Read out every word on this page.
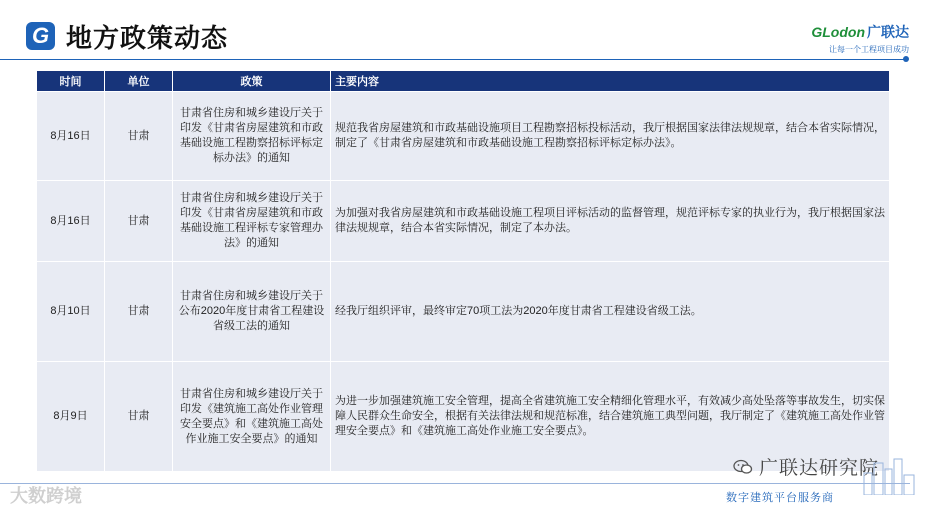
G 地方政策动态	GLodon 广联达
让每一个工程项目成功
时间	单位	政策	主要内容
8月16日	甘肃	甘肃省住房和城乡建设厅关于印发《甘肃省房屋建筑和市政基础设施工程勘察招标评标定标办法》的通知	规范我省房屋建筑和市政基础设施项目工程勘察招标投标活动，我厅根据国家法律法规规章，结合本省实际情况，制定了《甘肃省房屋建筑和市政基础设施工程勘察招标评标定标办法》。
8月16日	甘肃	甘肃省住房和城乡建设厅关于印发《甘肃省房屋建筑和市政基础设施工程评标专家管理办法》的通知	为加强对我省房屋建筑和市政基础设施工程项目评标活动的监督管理，规范评标专家的执业行为，我厅根据国家法律法规规章，结合本省实际情况，制定了本办法。
8月10日	甘肃	甘肃省住房和城乡建设厅关于公布2020年度甘肃省工程建设省级工法的通知	经我厅组织评审，最终审定70项工法为2020年度甘肃省工程建设省级工法。
8月9日	甘肃	甘肃省住房和城乡建设厅关于印发《建筑施工高处作业管理安全要点》和《建筑施工高处作业施工安全要点》的通知	为进一步加强建筑施工安全管理，提高全省建筑施工安全精细化管理水平，有效减少高处坠落等事故发生，切实保障人民群众生命安全，根据有关法律法规和规范标准，结合建筑施工典型问题，我厅制定了《建筑施工高处作业管理安全要点》和《建筑施工高处作业施工安全要点》。
广联达研究院
数字建筑平台服务商
大数跨境
